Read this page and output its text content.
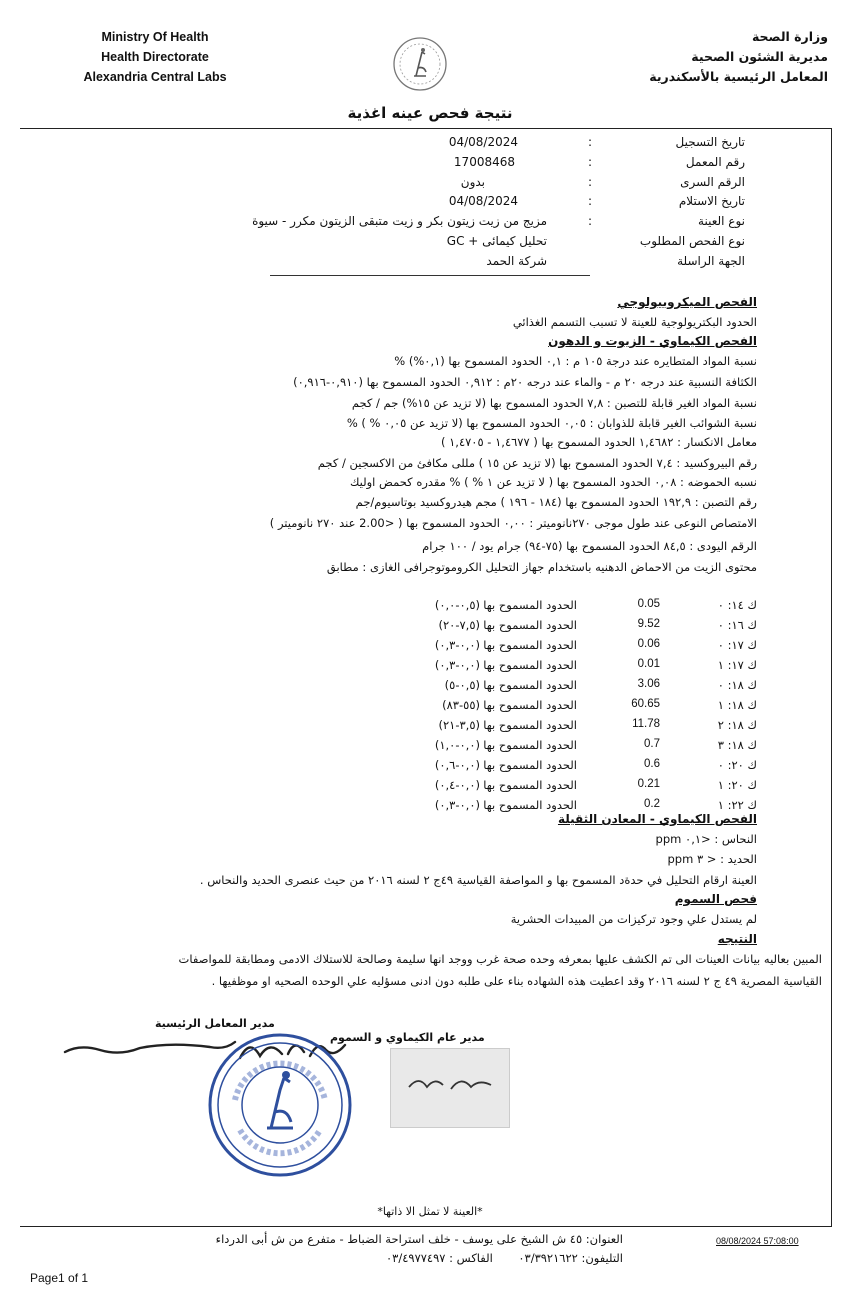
Ministry Of Health
Health Directorate
Alexandria Central Labs
وزارة الصحة
مديرية الشئون الصحية
المعامل الرئيسية بالأسكندرية
نتيجة فحص عينه اغذية
تاريخ التسجيل
:
04/08/2024
رقم المعمل
:
17008468
الرقم السرى
:
بدون
تاريخ الاستلام
:
04/08/2024
نوع العينة
:
مزيج من زيت زيتون بكر و زيت متبقى الزيتون مكرر - سيوة
نوع الفحص المطلوب
تحليل كيمائى + GC
الجهة الراسلة
شركة الحمد
الفحص الميكروبيولوجي
الحدود البكتريولوجية للعينة لا تسبب التسمم الغذائي
الفحص الكيماوي - الزيوت و الدهون
نسبة المواد المتطايره عند درجة ١٠٥ م : ٠,١ الحدود المسموح بها (٠,١%) %
الكثافة النسبية عند درجه ٢٠ م - والماء عند درجه ٢٠م : ٠,٩١٢ الحدود المسموح بها (٠,٩١٠-٠,٩١٦)
نسبة المواد الغير قابلة للتصبن : ٧,٨ الحدود المسموح بها (لا تزيد عن ١٥%) جم / كجم
نسبة الشوائب الغير قابلة للذوابان : ٠,٠٥ الحدود المسموح بها (لا تزيد عن ٠,٠٥ % ) %
معامل الانكسار : ١,٤٦٨٢ الحدود المسموح بها ( ١,٤٦٧٧ - ١,٤٧٠٥ )
رقم البيروكسيد : ٧,٤ الحدود المسموح بها (لا تزيد عن ١٥ ) مللى مكافئ من الاكسجين / كجم
نسبه الحموضه : ٠,٠٨ الحدود المسموح بها ( لا تزيد عن ١ % ) % مقدره كحمض اوليك
رقم التصبن : ١٩٢,٩ الحدود المسموح بها (١٨٤ - ١٩٦ ) مجم هيدروكسيد بوتاسيوم/جم
الامتصاص النوعى عند طول موجى ٢٧٠نانوميتر : ٠,٠٠ الحدود المسموح بها ( <2.00 عند ٢٧٠ نانوميتر )
الرقم اليودى : ٨٤,٥ الحدود المسموح بها (٧٥-٩٤) جرام يود / ١٠٠ جرام
محتوى الزيت من الاحماض الدهنيه باستخدام جهاز التحليل الكروموتوجرافى الغازى : مطابق
ك ١٤: ٠
0.05
الحدود المسموح بها
(٠,٥-٠,٠)
ك ١٦: ٠
9.52
الحدود المسموح بها
(٧,٥-٢٠)
ك ١٧: ٠
0.06
الحدود المسموح بها
(٠,٠-٠,٣)
ك ١٧: ١
0.01
الحدود المسموح بها
(٠,٠-٠,٣)
ك ١٨: ٠
3.06
الحدود المسموح بها
(٠,٥-٥)
ك ١٨: ١
60.65
الحدود المسموح بها
(٥٥-٨٣)
ك ١٨: ٢
11.78
الحدود المسموح بها
(٣,٥-٢١)
ك ١٨: ٣
0.7
الحدود المسموح بها
(٠,٠-١,٠)
ك ٢٠: ٠
0.6
الحدود المسموح بها
(٠,٠-٠,٦)
ك ٢٠: ١
0.21
الحدود المسموح بها
(٠,٠-٠,٤)
ك ٢٢: ١
0.2
الحدود المسموح بها
(٠,٠-٠,٣)
الفحص الكيماوي - المعادن الثقيلة
النحاس : <٠,١ ppm
الحديد : < ٣ ppm
العينة ارقام التحليل في حدةد المسموح بها و المواصفة القياسية ٤٩ج ٢ لسنه ٢٠١٦ من حيث عنصرى الحديد والنحاس .
فحص السموم
لم يستدل علي وجود تركيزات من المبيدات الحشرية
النتيجه
المبين بعاليه بيانات العينات الى تم الكشف عليها بمعرفه وحده صحة غرب ووجد انها سليمة وصالحة للاستلاك الادمى ومطابقة للمواصفات
القياسية المصرية ٤٩ ج ٢ لسنه ٢٠١٦ وقد اعطيت هذه الشهاده بناء على طلبه دون ادنى مسؤليه علي الوحده الصحيه او موظفيها .
مدير المعامل الرئيسية
مدير عام الكيماوي و السموم
*العينة لا تمثل الا ذاتها*
العنوان: ٤٥ ش الشيخ على يوسف - خلف استراحة الضباط - متفرع من ش أبى الدرداء
التليفون: ٠٣/٣٩٢١٦٢٢
الفاكس : ٠٣/٤٩٧٧٤٩٧
08/08/2024 57:08:00
Page1 of 1
